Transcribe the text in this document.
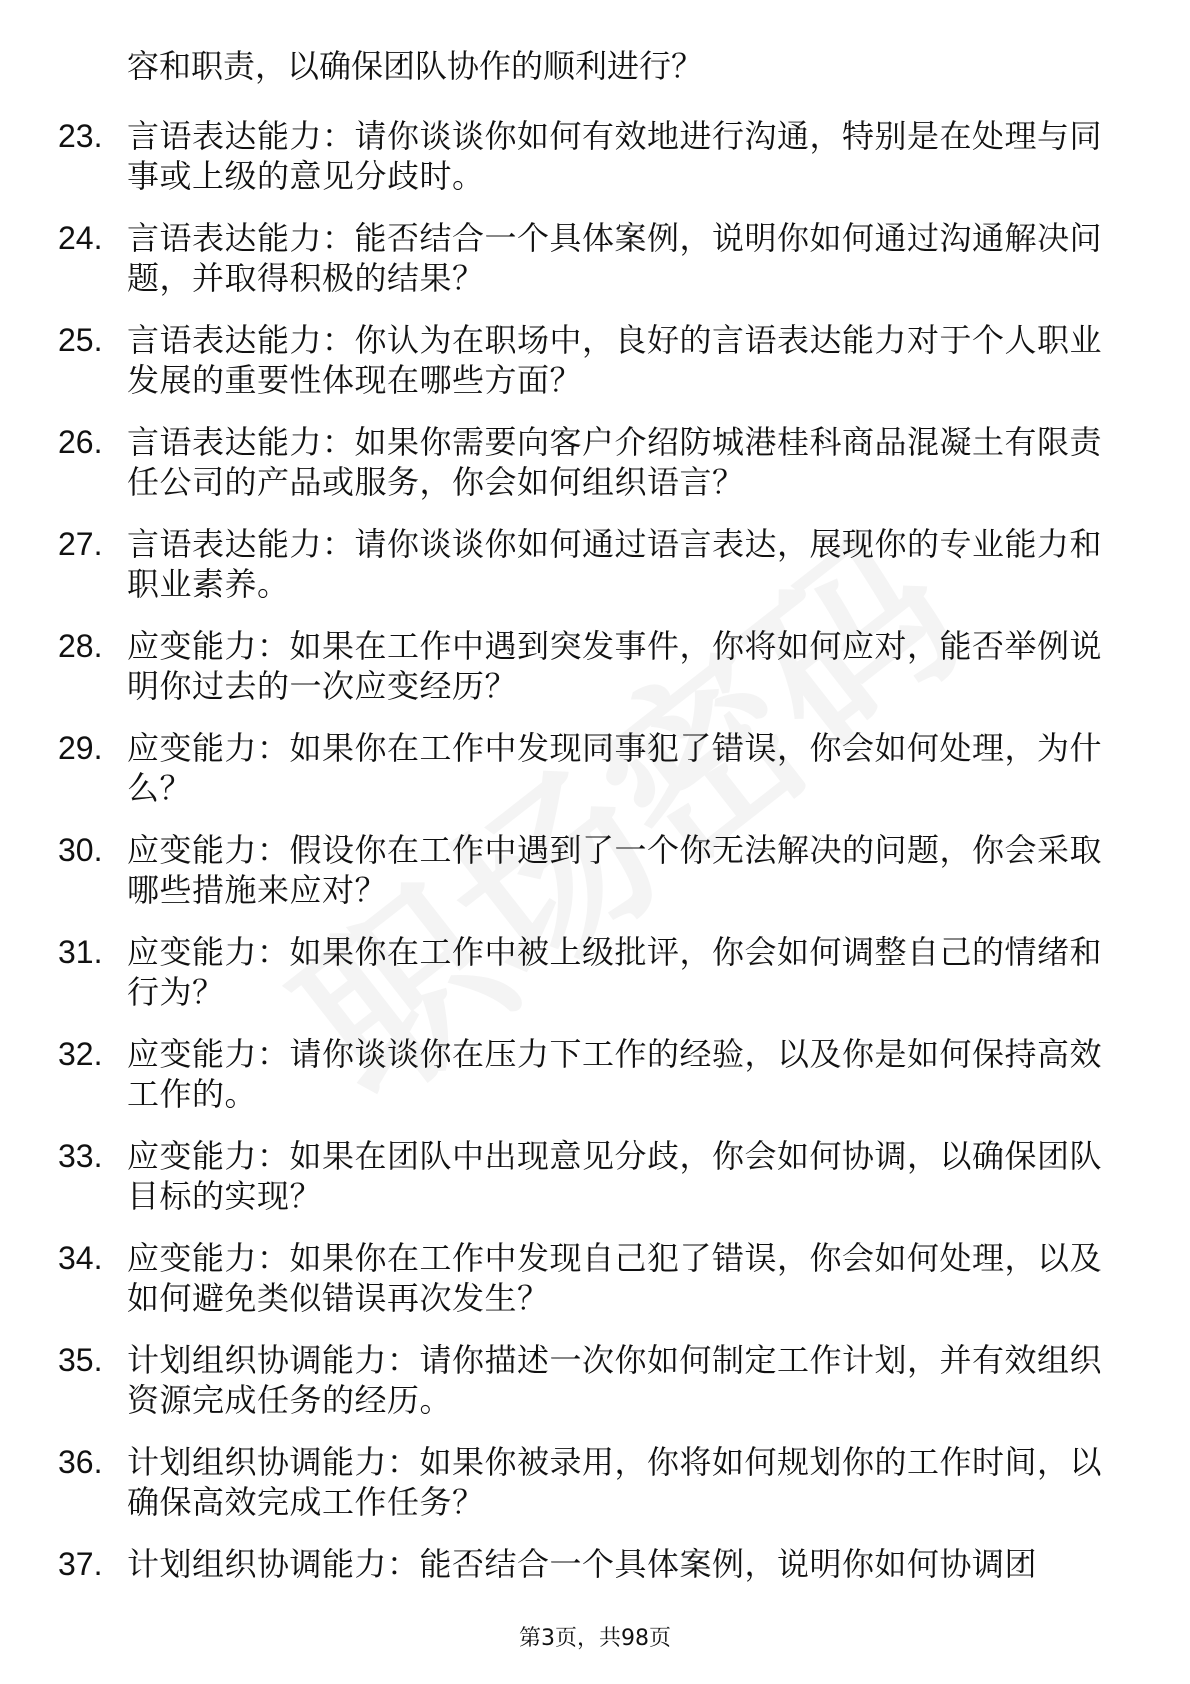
容和职责，以确保团队协作的顺利进行？
23. 言语表达能力：请你谈谈你如何有效地进行沟通，特别是在处理与同事或上级的意见分歧时。
24. 言语表达能力：能否结合一个具体案例，说明你如何通过沟通解决问题，并取得积极的结果？
25. 言语表达能力：你认为在职场中，良好的言语表达能力对于个人职业发展的重要性体现在哪些方面？
26. 言语表达能力：如果你需要向客户介绍防城港桂科商品混凝土有限责任公司的产品或服务，你会如何组织语言？
27. 言语表达能力：请你谈谈你如何通过语言表达，展现你的专业能力和职业素养。
28. 应变能力：如果在工作中遇到突发事件，你将如何应对，能否举例说明你过去的一次应变经历？
29. 应变能力：如果你在工作中发现同事犯了错误，你会如何处理，为什么？
30. 应变能力：假设你在工作中遇到了一个你无法解决的问题，你会采取哪些措施来应对？
31. 应变能力：如果你在工作中被上级批评，你会如何调整自己的情绪和行为？
32. 应变能力：请你谈谈你在压力下工作的经验，以及你是如何保持高效工作的。
33. 应变能力：如果在团队中出现意见分歧，你会如何协调，以确保团队目标的实现？
34. 应变能力：如果你在工作中发现自己犯了错误，你会如何处理，以及如何避免类似错误再次发生？
35. 计划组织协调能力：请你描述一次你如何制定工作计划，并有效组织资源完成任务的经历。
36. 计划组织协调能力：如果你被录用，你将如何规划你的工作时间，以确保高效完成工作任务？
37. 计划组织协调能力：能否结合一个具体案例，说明你如何协调团
第3页，共98页
